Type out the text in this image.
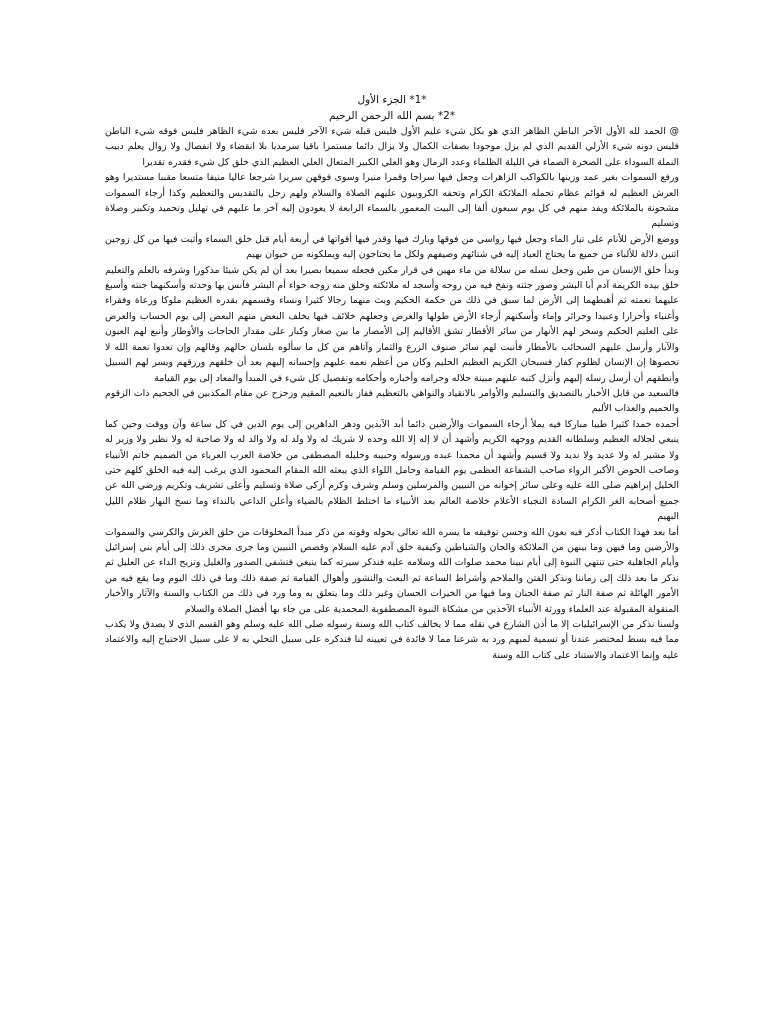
*1* الجزء الأول

*2* بسم الله الرحمن الرحيم

@ الحمد لله الأول الآخر الباطن الظاهر الذي هو بكل شيء عليم الأول فليس قبله شيء الآخر فليس بعده شيء الظاهر فليس فوقه شيء الباطن فليس دونه شيء الأزلي القديم الذي لم يزل موجودا بصفات الكمال ولا يزال دائما مستمرا باقيا سرمديا بلا انقضاء ولا انفصال ولا زوال يعلم دبيب النملة السوداء على الصخرة الصماء في الليلة الظلماء وعدد الرمال وهو العلي الكبير المتعال العلي العظيم الذي خلق كل شيء فقدره تقديرا

ورفع السموات بغير عمد وزينها بالكواكب الزاهرات وجعل فيها سراجا وقمرا منيرا وسوى فوقهن سريرا شرجعا عاليا منيفا متسعا مقببا مستديرا وهو العرش العظيم له قوائم عظام تحمله الملائكة الكرام وتحفه الكروبيون عليهم الصلاة والسلام ولهم زجل بالتقديس والتعظيم وكذا أرجاء السموات مشحونة بالملائكة ويفد منهم في كل يوم سبعون ألفا إلى البيت المعمور بالسماء الرابعة لا يعودون إليه آخر ما عليهم في تهليل وتحميد وتكبير وصلاة وتسليم

ووضع الأرض للأنام على تيار الماء وجعل فيها رواسي من فوقها وبارك فيها وقدر فيها أقواتها في أربعة أيام قبل خلق السماء وأثبت فيها من كل زوجين اثنين دلالة للألباء من جميع ما يحتاج العباد إليه في شتائهم وصيفهم ولكل ما يحتاجون إليه ويملكونه من حيوان بهيم

وبدأ خلق الإنسان من طين وجعل نسله من سلالة من ماء مهين في قرار مكين فجعله سميعا بصيرا بعد أن لم يكن شيئا مذكورا وشرفه بالعلم والتعليم خلق بيده الكريمة آدم أبا البشر وصور جثته ونفخ فيه من روحه وأسجد له ملائكته وخلق منه زوجه حواء أم البشر فآنس بها وحدته وأسكنهما جنته وأسبغ عليهما نعمته ثم أهبطهما إلى الأرض لما سبق في ذلك من حكمة الحكيم وبث منهما رجالا كثيرا ونساء وقسمهم بقدره العظيم ملوكا ورعاة وفقراء وأغنياء وأحرارا وعبيدا وحرائر وإماء وأسكنهم أرجاء الأرض طولها والعرض وجعلهم خلائف فيها يخلف البعض منهم البعض إلى يوم الحساب والعرض على العليم الحكيم وسخر لهم الأنهار من سائر الأقطار تشق الأقاليم إلى الأمصار ما بين صغار وكبار على مقدار الحاجات والأوطار وأنبع لهم العيون والآبار وأرسل عليهم السحائب بالأمطار فأنبت لهم سائر صنوف الزرع والثمار وآتاهم من كل ما سألوه بلسان حالهم وقالهم وإن تعدوا نعمة الله لا تحصوها إن الإنسان لظلوم كفار فسبحان الكريم العظيم الحليم وكان من أعظم نعمه عليهم وإحسانه إليهم بعد أن خلقهم ورزقهم ويسر لهم السبيل وأنطقهم أن أرسل رسله إليهم وأنزل كتبه عليهم مبينة حلاله وحرامه وأخباره وأحكامه وتفصيل كل شيء في المبدأ والمعاد إلى يوم القيامة

فالسعيد من قابل الأخبار بالتصديق والتسليم والأوامر بالانقياد والنواهي بالتعظيم ففاز بالنعيم المقيم وزحزح عن مقام المكذبين في الجحيم ذات الزقوم والحميم والعذاب الأليم

أحمده حمدا كثيرا طيبا مباركا فيه يملأ أرجاء السموات والأرضين دائما أبد الآبدين ودهر الداهرين إلى يوم الدين في كل ساعة وآن ووقت وحين كما ينبغي لجلاله العظيم وسلطانه القديم ووجهه الكريم وأشهد أن لا إله إلا الله وحده لا شريك له ولا ولد له ولا والد له ولا صاحبة له ولا نظير ولا وزير له ولا مشير له ولا عديد ولا نديد ولا قسيم وأشهد أن محمدا عبده ورسوله وحبيبه وخليله المصطفى من خلاصة العرب العرباء من الصميم خاتم الأنبياء وصاحب الحوض الأكبر الرواء صاحب الشفاعة العظمى يوم القيامة وحامل اللواء الذي يبعثه الله المقام المحمود الذي يرغب إليه فيه الخلق كلهم حتى الخليل إبراهيم صلى الله عليه وعلى سائر إخوانه من النبيين والمرسلين وسلم وشرف وكرم أزكى صلاة وتسليم وأعلى تشريف وتكريم ورضي الله عن جميع أصحابه الغر الكرام السادة النجباء الأعلام خلاصة العالم بعد الأنبياء ما اختلط الظلام بالضياء وأعلن الداعي بالنداء وما نسخ النهار ظلام الليل البهيم

أما بعد فهذا الكتاب أذكر فيه بعون الله وحسن توفيقه ما يسره الله تعالى بحوله وقوته من ذكر مبدأ المخلوقات من خلق العرش والكرسي والسموات والأرضين وما فيهن وما بينهن من الملائكة والجان والشياطين وكيفية خلق آدم عليه السلام وقصص النبيين وما جرى مجرى ذلك إلى أيام بني إسرائيل وأيام الجاهلية حتى تنتهي النبوة إلى أيام نبينا محمد صلوات الله وسلامه عليه فنذكر سيرته كما ينبغي فتشفي الصدور والغليل وتزيح الداء عن العليل ثم نذكر ما بعد ذلك إلى زماننا ونذكر الفتن والملاحم وأشراط الساعة ثم البعث والنشور وأهوال القيامة ثم صفة ذلك وما في ذلك اليوم وما يقع فيه من الأمور الهائلة ثم صفة النار ثم صفة الجنان وما فيها من الخيرات الحسان وغير ذلك وما يتعلق به وما ورد في ذلك من الكتاب والسنة والآثار والأخبار المنقولة المقبولة عند العلماء وورثة الأنبياء الآخذين من مشكاة النبوة المصطفوية المحمدية على من جاء بها أفضل الصلاة والسلام

ولسنا نذكر من الإسرائيليات إلا ما أذن الشارع في نقله مما لا يخالف كتاب الله وسنة رسوله صلى الله عليه وسلم وهو القسم الذي لا يصدق ولا يكذب مما فيه بسط لمختصر عندنا أو تسمية لمبهم ورد به شرعنا مما لا فائدة في تعيينه لنا فنذكره على سبيل التحلي به لا على سبيل الاحتياج إليه والاعتماد عليه وإنما الاعتماد والاستناد على كتاب الله وسنة
